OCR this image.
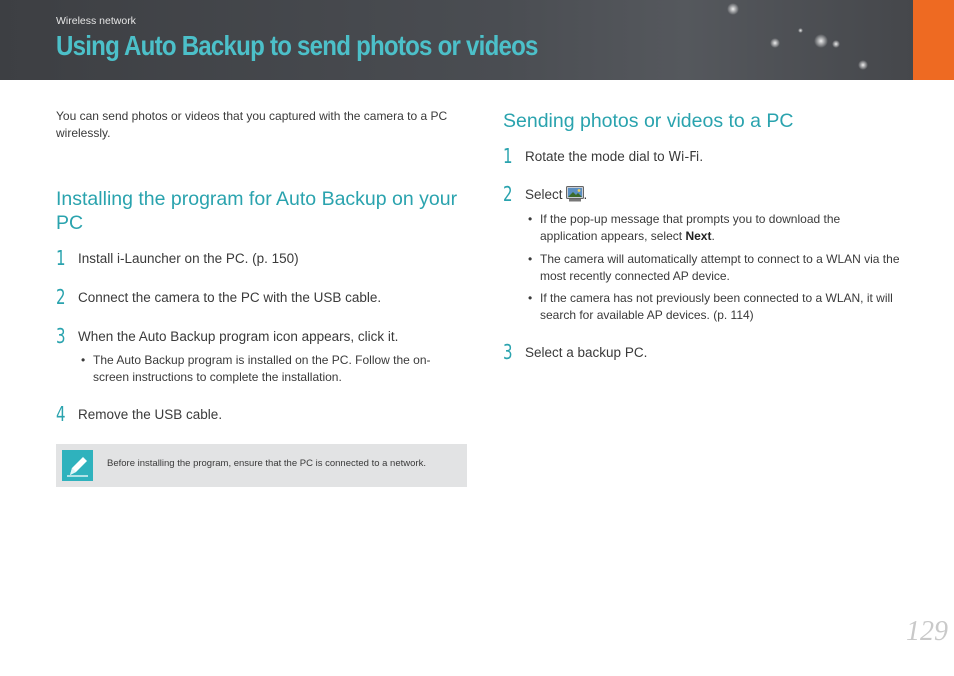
Wireless network
Using Auto Backup to send photos or videos
You can send photos or videos that you captured with the camera to a PC wirelessly.
Installing the program for Auto Backup on your PC
1 Install i-Launcher on the PC. (p. 150)
2 Connect the camera to the PC with the USB cable.
3 When the Auto Backup program icon appears, click it.
• The Auto Backup program is installed on the PC. Follow the on-screen instructions to complete the installation.
4 Remove the USB cable.
Before installing the program, ensure that the PC is connected to a network.
Sending photos or videos to a PC
1 Rotate the mode dial to Wi-Fi.
2 Select .
• If the pop-up message that prompts you to download the application appears, select Next.
• The camera will automatically attempt to connect to a WLAN via the most recently connected AP device.
• If the camera has not previously been connected to a WLAN, it will search for available AP devices. (p. 114)
3 Select a backup PC.
129
